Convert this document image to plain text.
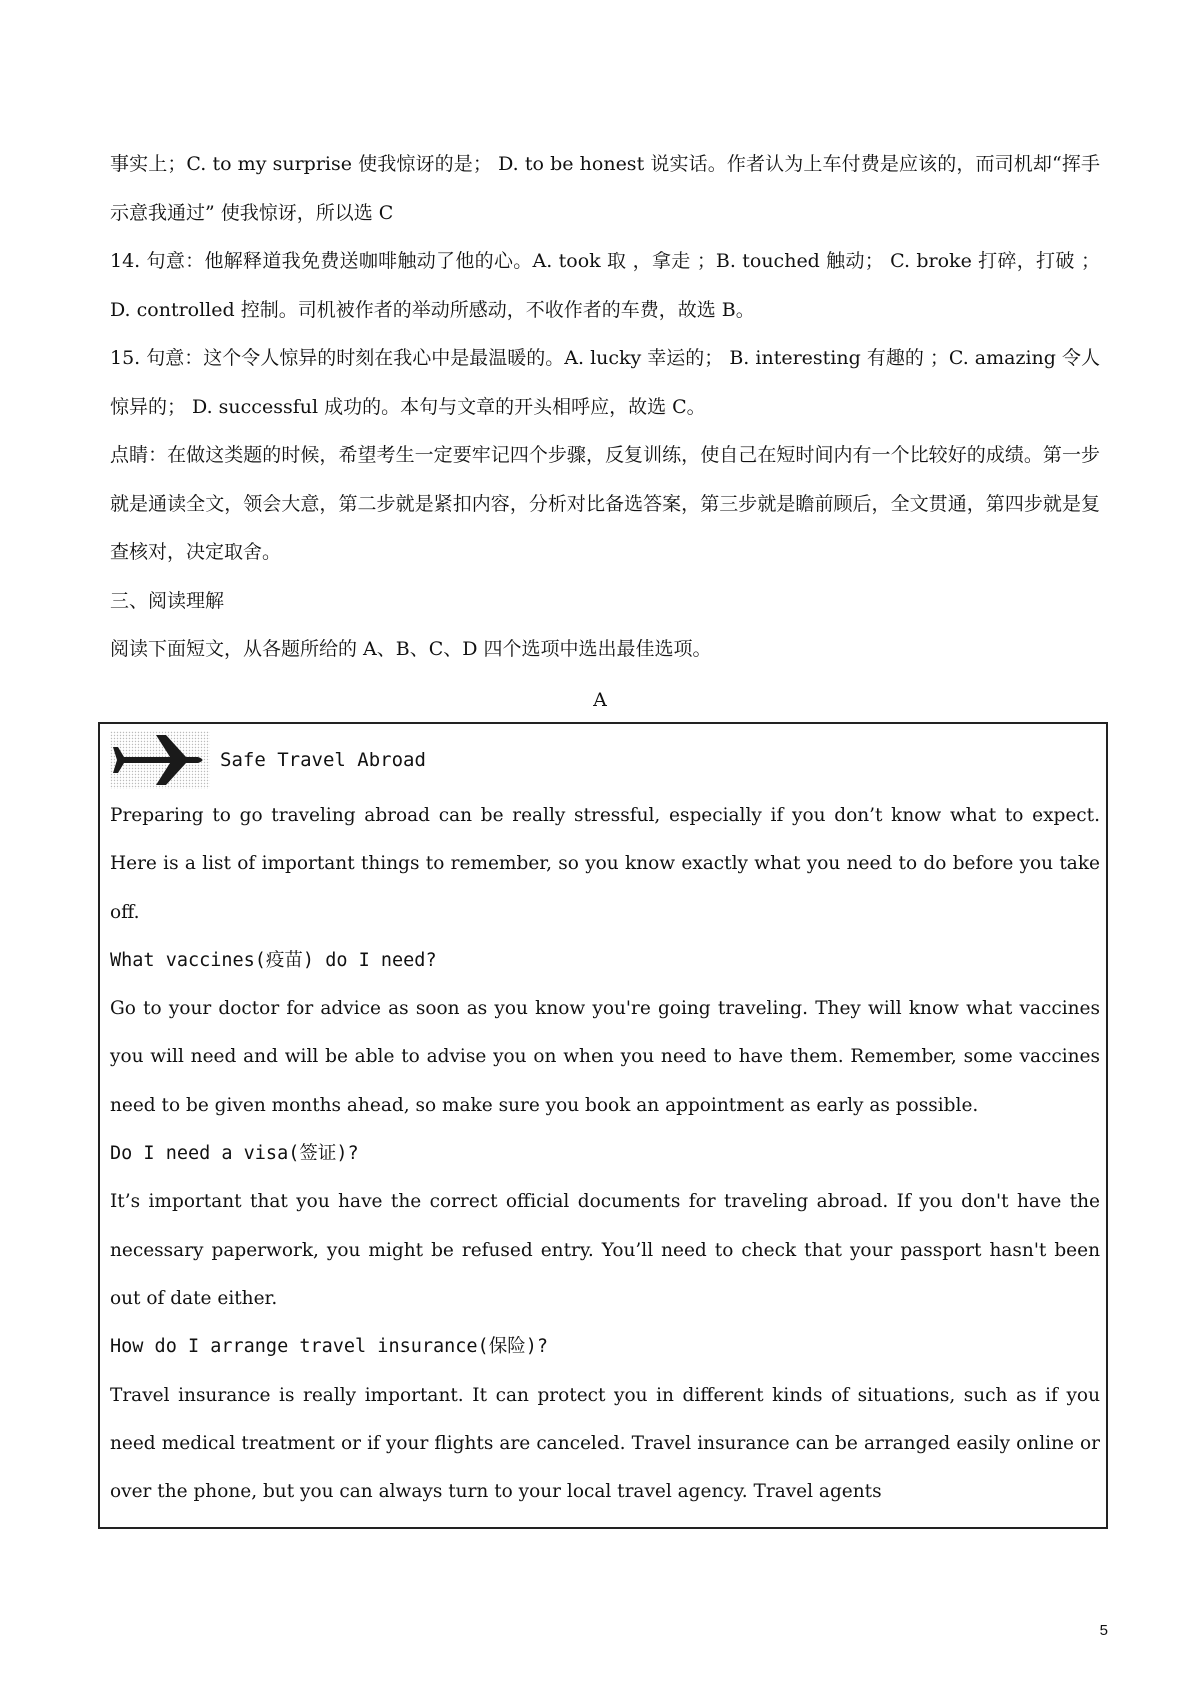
事实上；C. to my surprise 使我惊讶的是； D. to be honest 说实话。作者认为上车付费是应该的，而司机却“挥手示意我通过” 使我惊讶，所以选 C

14. 句意：他解释道我免费送咖啡触动了他的心。A. took 取 ，拿走 ；B. touched 触动； C. broke 打碎，打破 ； D. controlled 控制。司机被作者的举动所感动，不收作者的车费，故选 B。

15. 句意：这个令人惊异的时刻在我心中是最温暖的。A. lucky 幸运的； B. interesting 有趣的 ；C. amazing 令人惊异的； D. successful 成功的。本句与文章的开头相呼应，故选 C。

点睛：在做这类题的时候，希望考生一定要牢记四个步骤，反复训练，使自己在短时间内有一个比较好的成绩。第一步就是通读全文，领会大意，第二步就是紧扣内容，分析对比备选答案，第三步就是瞻前顾后，全文贯通，第四步就是复查核对，决定取舍。

三、阅读理解

阅读下面短文，从各题所给的 A、B、C、D 四个选项中选出最佳选项。

A
Safe Travel Abroad

Preparing to go traveling abroad can be really stressful, especially if you don’t know what to expect. Here is a list of important things to remember, so you know exactly what you need to do before you take off.

What vaccines(疫苗) do I need?

Go to your doctor for advice as soon as you know you're going traveling. They will know what vaccines you will need and will be able to advise you on when you need to have them. Remember, some vaccines need to be given months ahead, so make sure you book an appointment as early as possible.

Do I need a visa(签证)?

It’s important that you have the correct official documents for traveling abroad. If you don't have the necessary paperwork, you might be refused entry. You’ll need to check that your passport hasn't been out of date either.

How do I arrange travel insurance(保险)?

Travel insurance is really important. It can protect you in different kinds of situations, such as if you need medical treatment or if your flights are canceled. Travel insurance can be arranged easily online or over the phone, but you can always turn to your local travel agency. Travel agents

5
